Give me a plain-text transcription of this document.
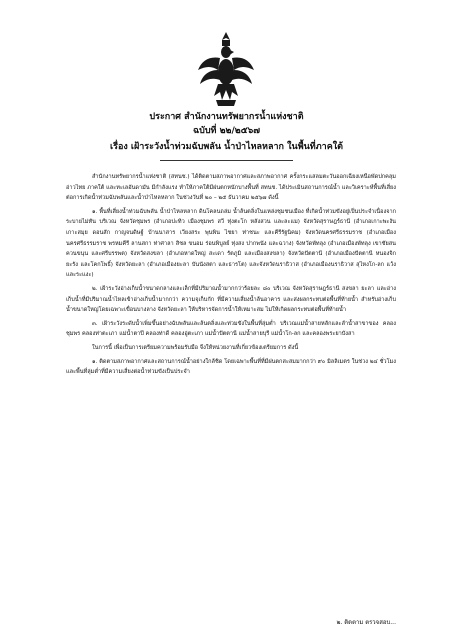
ประกาศ สำนักงานทรัพยากรน้ำแห่งชาติ
ฉบับที่ ๒๒/๒๕๖๗
เรื่อง เฝ้าระวังน้ำท่วมฉับพลัน น้ำป่าไหลหลาก ในพื้นที่ภาคใต้

สำนักงานทรัพยากรน้ำแห่งชาติ (สทนช.) ได้ติดตามสภาพอากาศและสภาพอากาศ ครั้งกระแสลมตะวันออกเฉียงเหนือพัดปกคลุมอ่าวไทย ภาคใต้ และทะเลอันดามัน มีกำลังแรง ทำให้ภาคใต้มีฝนตกหนักบางพื้นที่ สทนช. ได้ประเมินสถานการณ์น้ำ และวิเคราะห์พื้นที่เสี่ยงต่อการเกิดน้ำท่วมฉับพลันและน้ำป่าไหลหลาก ในช่วงวันที่ ๒๐ – ๒๕ ธันวาคม ๒๕๖๗ ดังนี้

๑. พื้นที่เสี่ยงน้ำท่วมฉับพลัน น้ำป่าไหลหลาก ดินโคลนถล่ม น้ำล้นตลิ่งในแหล่งชุมชนเมือง ที่เกิดน้ำท่วมขังอยู่เป็นประจำเนื่องจากระบายไม่ทัน บริเวณ จังหวัดชุมพร (อำเภอปะทิว เมืองชุมพร สวี ทุ่งตะโก หลังสวน และละแม) จังหวัดสุราษฎร์ธานี (อำเภอเกาะพะงัน เกาะสมุย ดอนสัก กาญจนดิษฐ์ บ้านนาสาร เวียงสระ พุนพิน ไชยา ท่าชนะ และคีรีรัฐนิคม) จังหวัดนครศรีธรรมราช (อำเภอเมืองนครศรีธรรมราช พรหมคีรี ลานสกา ท่าศาลา สิชล ขนอม ร่อนพิบูลย์ ทุ่งสง ปากพนัง และฉวาง) จังหวัดพัทลุง (อำเภอเมืองพัทลุง เขาชัยสน ควนขนุน และศรีบรรพต) จังหวัดสงขลา (อำเภอหาดใหญ่ สะเดา รัตภูมิ และเมืองสงขลา) จังหวัดปัตตานี (อำเภอเมืองปัตตานี หนองจิก ยะรัง และโคกโพธิ์) จังหวัดยะลา (อำเภอเมืองยะลา บันนังสตา และธารโต) และจังหวัดนราธิวาส (อำเภอเมืองนราธิวาส สุไหงโก-ลก แว้ง และระแงะ)

๒. เฝ้าระวังอ่างเก็บน้ำขนาดกลางและเล็กที่มีปริมาณน้ำมากกว่าร้อยละ ๘๐ บริเวณ จังหวัดสุราษฎร์ธานี สงขลา ยะลา และอ่างเก็บน้ำที่มีปริมาณน้ำไหลเข้าอ่างเก็บน้ำมากกว่า ความจุเก็บกัก ที่มีความเสี่ยงน้ำล้นอาคาร และส่งผลกระทบต่อพื้นที่ท้ายน้ำ สำหรับอ่างเก็บน้ำขนาดใหญ่โดยเฉพาะเขื่อนบางลาง จังหวัดยะลา ให้บริหารจัดการน้ำให้เหมาะสม ไม่ให้เกิดผลกระทบต่อพื้นที่ท้ายน้ำ

๓. เฝ้าระวังระดับน้ำเพิ่มขึ้นอย่างฉับพลันและล้นตลิ่งและท่วมขังในพื้นที่ลุ่มต่ำ บริเวณแม่น้ำสายหลักและลำน้ำสาขาของ คลองชุมพร คลองท่าตะเภา แม่น้ำตาปี คลองท่าดี คลองอู่ตะเภา แม่น้ำปัตตานี แม่น้ำสายบุรี แม่น้ำโก-ลก และคลองพระยาบังสา

ในการนี้ เพื่อเป็นการเตรียมความพร้อมรับมือ จึงให้หน่วยงานที่เกี่ยวข้องเตรียมการ ดังนี้

๑. ติดตามสภาพอากาศและสถานการณ์น้ำอย่างใกล้ชิด โดยเฉพาะพื้นที่ที่มีฝนตกสะสมมากกว่า ๙๐ มิลลิเมตร ในช่วง ๒๔ ชั่วโมง และพื้นที่ลุ่มต่ำที่มีความเสี่ยงต่อน้ำท่วมขังเป็นประจำ

๒. ติดตาม ตรวจสอบ...
